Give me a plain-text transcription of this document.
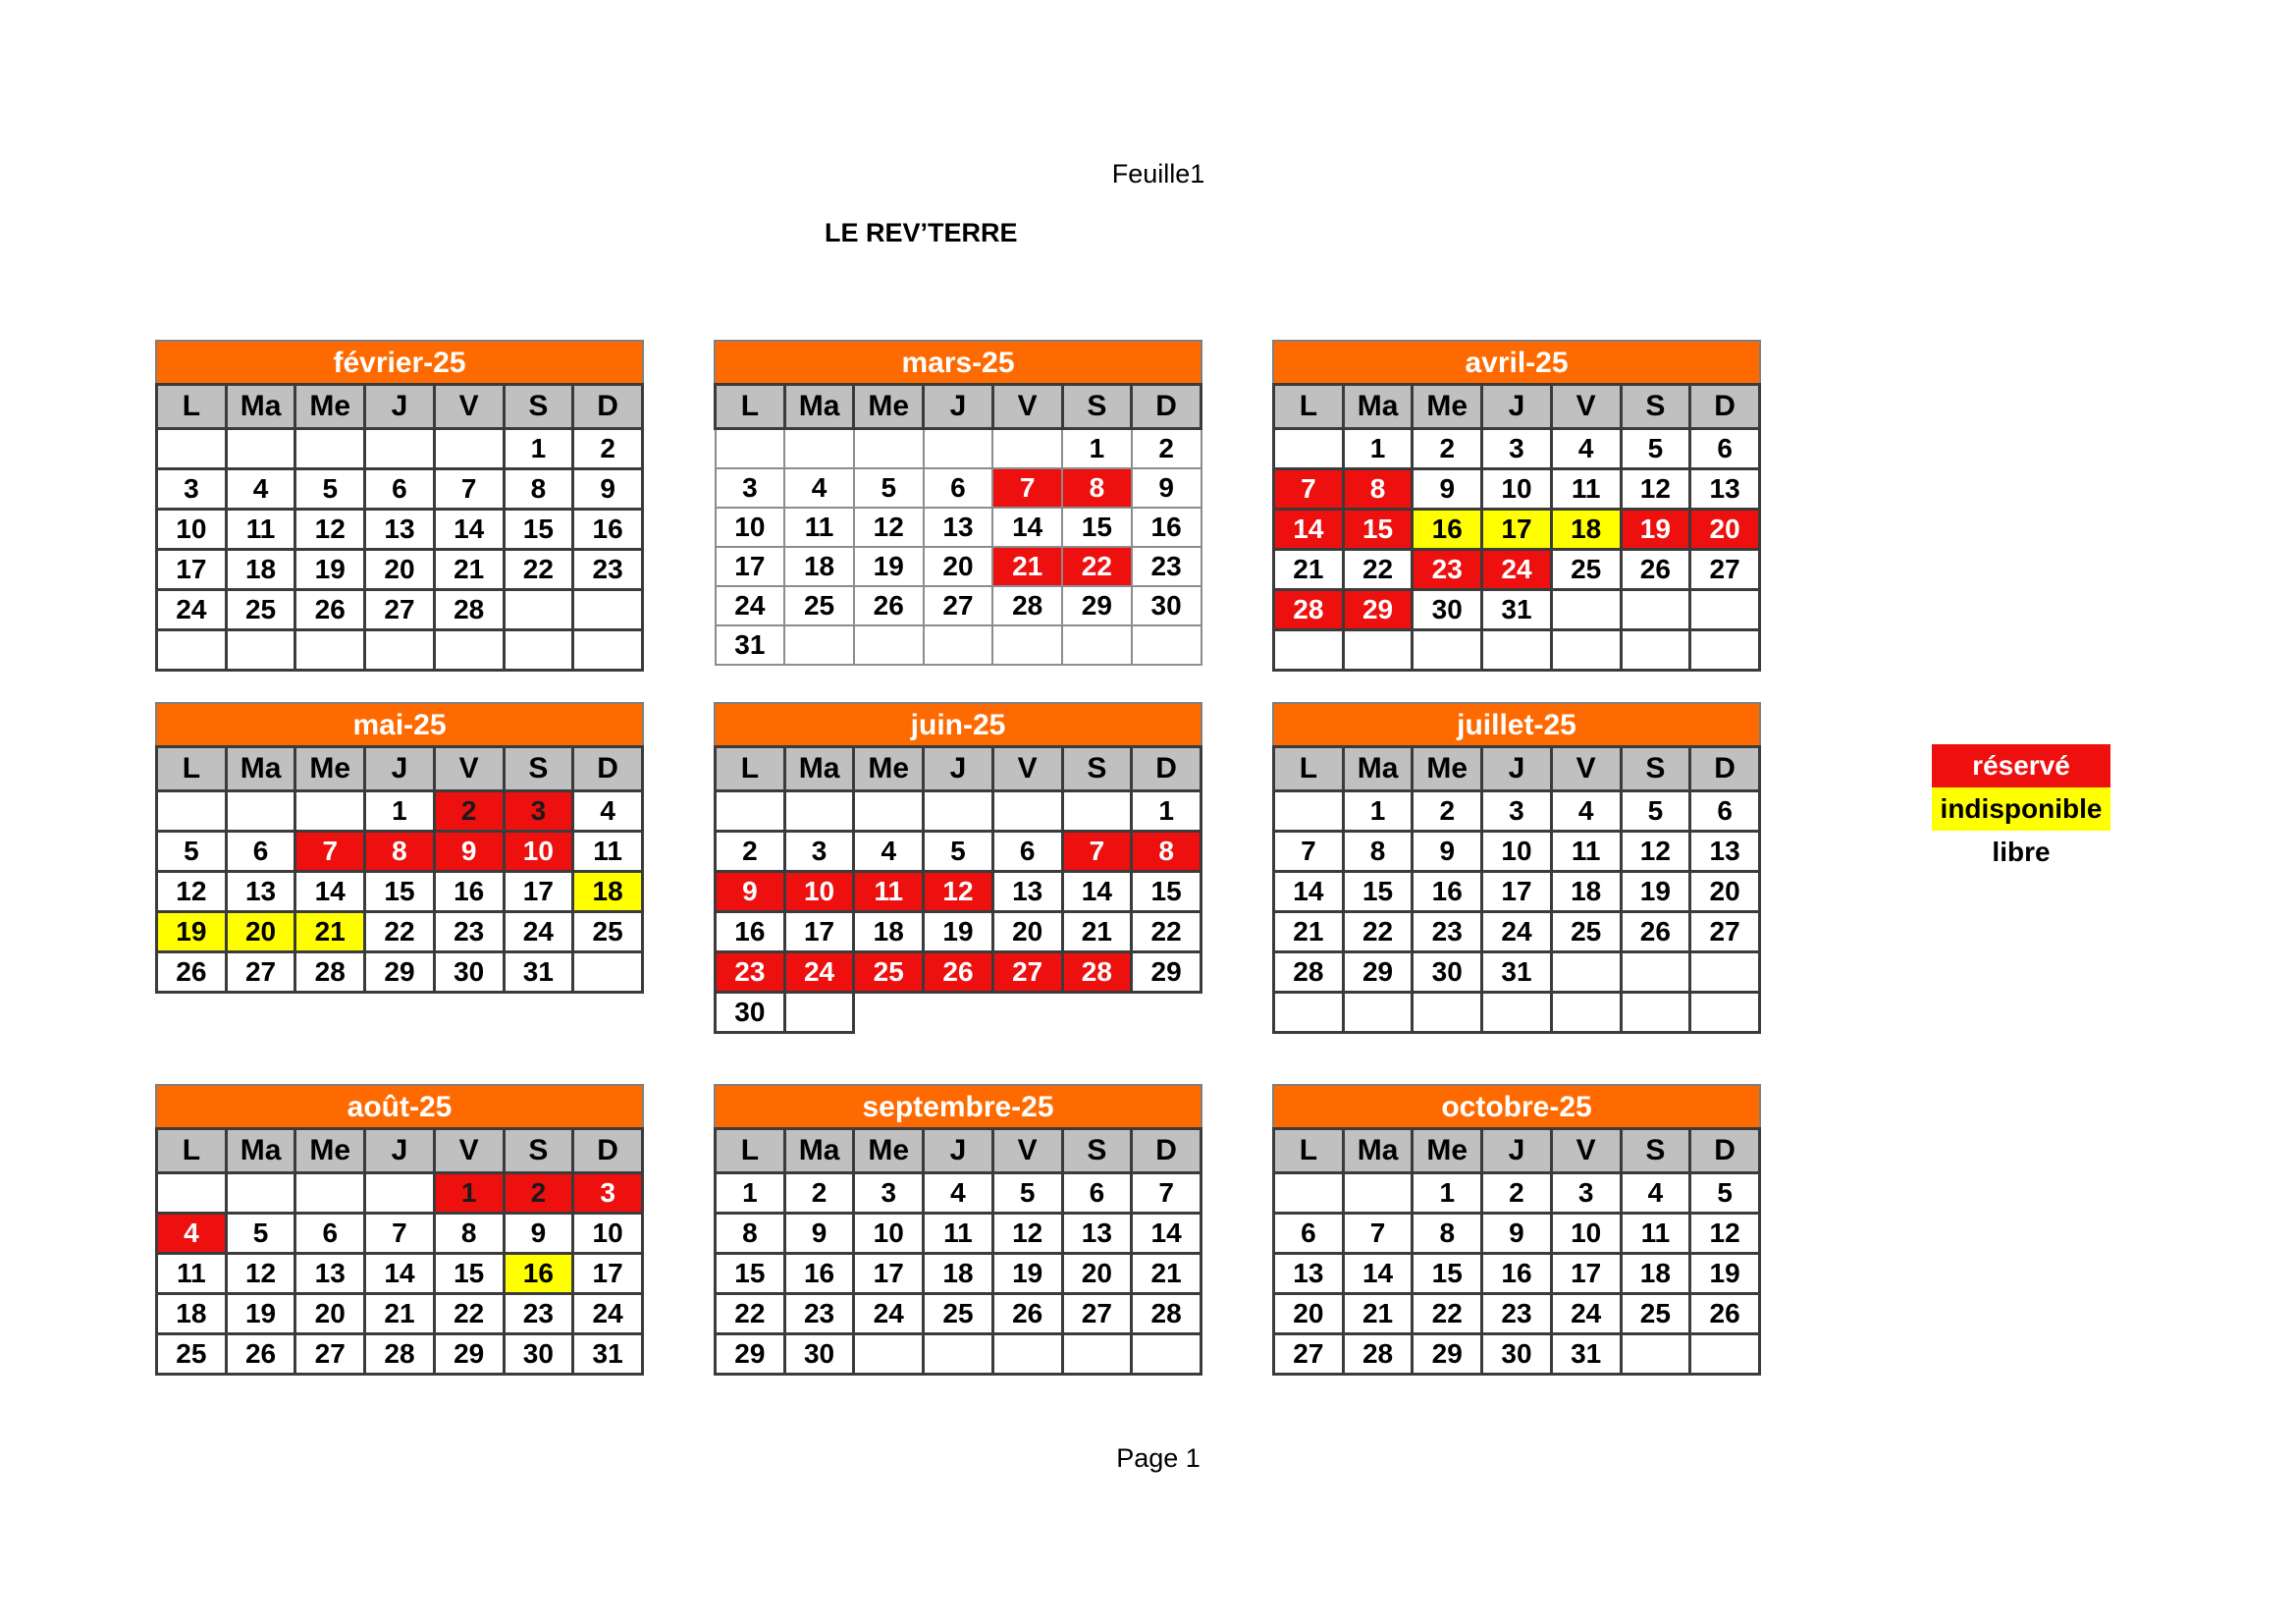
Feuille1
LE REV’TERRE
février-25
L	Ma	Me	J	V	S	D
					1	2
3	4	5	6	7	8	9
10	11	12	13	14	15	16
17	18	19	20	21	22	23
24	25	26	27	28		

mars-25
L	Ma	Me	J	V	S	D
					1	2
3	4	5	6	7	8	9
10	11	12	13	14	15	16
17	18	19	20	21	22	23
24	25	26	27	28	29	30
31						
avril-25
L	Ma	Me	J	V	S	D
	1	2	3	4	5	6
7	8	9	10	11	12	13
14	15	16	17	18	19	20
21	22	23	24	25	26	27
28	29	30	31			

mai-25
L	Ma	Me	J	V	S	D
			1	2	3	4
5	6	7	8	9	10	11
12	13	14	15	16	17	18
19	20	21	22	23	24	25
26	27	28	29	30	31	
juin-25
L	Ma	Me	J	V	S	D
						1
2	3	4	5	6	7	8
9	10	11	12	13	14	15
16	17	18	19	20	21	22
23	24	25	26	27	28	29
30						
juillet-25
L	Ma	Me	J	V	S	D
	1	2	3	4	5	6
7	8	9	10	11	12	13
14	15	16	17	18	19	20
21	22	23	24	25	26	27
28	29	30	31			

août-25
L	Ma	Me	J	V	S	D
				1	2	3
4	5	6	7	8	9	10
11	12	13	14	15	16	17
18	19	20	21	22	23	24
25	26	27	28	29	30	31
septembre-25
L	Ma	Me	J	V	S	D
1	2	3	4	5	6	7
8	9	10	11	12	13	14
15	16	17	18	19	20	21
22	23	24	25	26	27	28
29	30					
octobre-25
L	Ma	Me	J	V	S	D
		1	2	3	4	5
6	7	8	9	10	11	12
13	14	15	16	17	18	19
20	21	22	23	24	25	26
27	28	29	30	31		
réservé
indisponible
libre
Page 1
